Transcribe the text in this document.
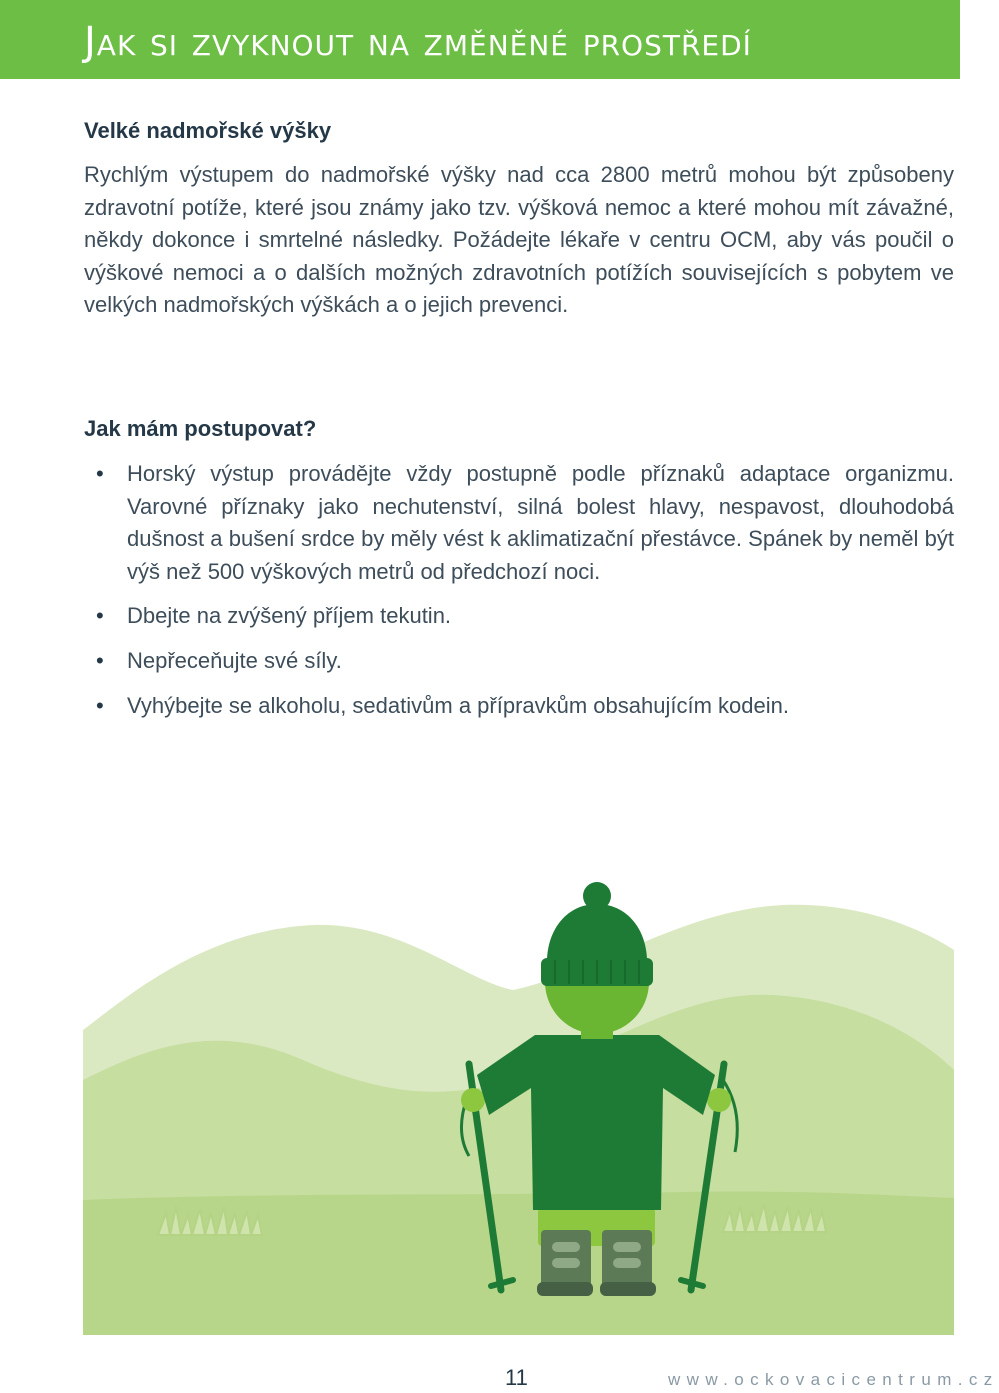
Jak si zvyknout na změněné prostředí
Velké nadmořské výšky

Rychlým výstupem do nadmořské výšky nad cca 2800 metrů mohou být způsobeny zdravotní potíže, které jsou známy jako tzv. výšková nemoc a které mohou mít závažné, někdy dokonce i smrtelné následky. Požádejte lékaře v centru OCM, aby vás poučil o výškové nemoci a o dalších možných zdravotních potížích souvisejících s pobytem ve velkých nadmořských výškách a o jejich prevenci.

Jak mám postupovat?
• Horský výstup provádějte vždy postupně podle příznaků adaptace organizmu. Varovné příznaky jako nechutenství, silná bolest hlavy, nespavost, dlouhodobá dušnost a bušení srdce by měly vést k aklimatizační přestávce. Spánek by neměl být výš než 500 výškových metrů od předchozí noci.
• Dbejte na zvýšený příjem tekutin.
• Nepřeceňujte své síly.
• Vyhýbejte se alkoholu, sedativům a přípravkům obsahujícím kodein.
11	www.ockovacicentrum.cz
